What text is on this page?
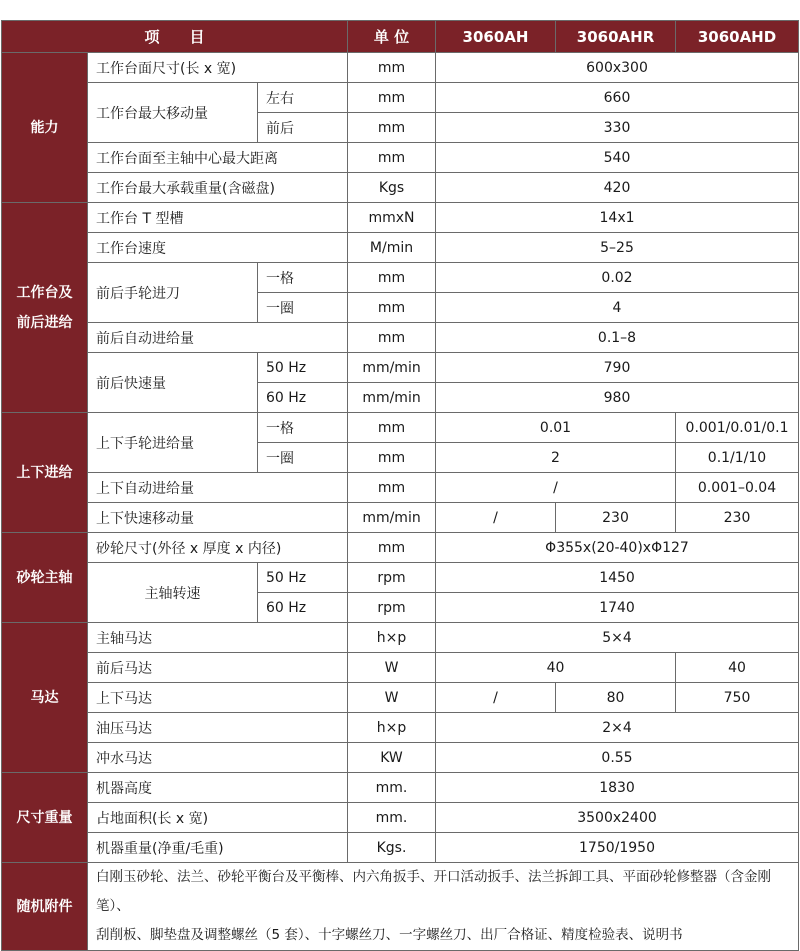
项　　目			单 位	3060AH	3060AHR	3060AHD
能力	工作台面尺寸(长 x 宽)		mm	600x300		
	工作台最大移动量	左右	mm	660		
		前后	mm	330		
	工作台面至主轴中心最大距离		mm	540		
	工作台最大承载重量(含磁盘)		Kgs	420		
工作台及
前后进给	工作台 T 型槽		mmxN	14x1		
	工作台速度		M/min	5–25		
	前后手轮进刀	一格	mm	0.02		
		一圈	mm	4		
	前后自动进给量		mm	0.1–8		
	前后快速量	50 Hz	mm/min	790		
		60 Hz	mm/min	980		
上下进给	上下手轮进给量	一格	mm	0.01		0.001/0.01/0.1
		一圈	mm	2		0.1/1/10
	上下自动进给量		mm	/		0.001–0.04
	上下快速移动量		mm/min	/	230	230
砂轮主轴	砂轮尺寸(外径 x 厚度 x 内径)		mm	Φ355x(20-40)xΦ127		
	主轴转速	50 Hz	rpm	1450		
		60 Hz	rpm	1740		
马达	主轴马达		h×p	5×4		
	前后马达		W	40		40
	上下马达		W	/	80	750
	油压马达		h×p	2×4		
	冲水马达		KW	0.55		
尺寸重量	机器高度		mm.	1830		
	占地面积(长 x 宽)		mm.	3500x2400		
	机器重量(净重/毛重)		Kgs.	1750/1950		
随机附件	白刚玉砂轮、法兰、砂轮平衡台及平衡棒、内六角扳手、开口活动扳手、法兰拆卸工具、平面砂轮修整器（含金刚笔）、
刮削板、脚垫盘及调整螺丝（5 套）、十字螺丝刀、一字螺丝刀、出厂合格证、精度检验表、说明书					
